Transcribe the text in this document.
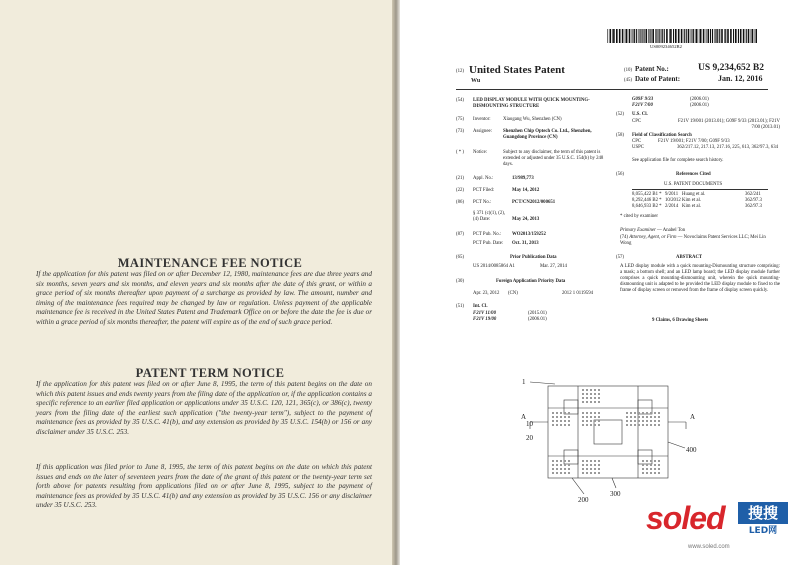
MAINTENANCE FEE NOTICE
If the application for this patent was filed on or after December 12, 1980, maintenance fees are due three years and six months, seven years and six months, and eleven years and six months after the date of this grant, or within a grace period of six months thereafter upon payment of a surcharge as provided by law. The amount, number and timing of the maintenance fees required may be changed by law or regulation. Unless payment of the applicable maintenance fee is received in the United States Patent and Trademark Office on or before the date the fee is due or within a grace period of six months thereafter, the patent will expire as of the end of such grace period.
PATENT TERM NOTICE
If the application for this patent was filed on or after June 8, 1995, the term of this patent begins on the date on which this patent issues and ends twenty years from the filing date of the application or, if the application contains a specific reference to an earlier filed application or applications under 35 U.S.C. 120, 121, 365(c), or 386(c), twenty years from the filing date of the earliest such application ("the twenty-year term"), subject to the payment of maintenance fees as provided by 35 U.S.C. 41(b), and any extension as provided by 35 U.S.C. 154(b) or 156 or any disclaimer under 35 U.S.C. 253.
If this application was filed prior to June 8, 1995, the term of this patent begins on the date on which this patent issues and ends on the later of seventeen years from the date of the grant of this patent or the twenty-year term set forth above for patents resulting from applications filed on or after June 8, 1995, subject to the payment of maintenance fees as provided by 35 U.S.C. 41(b) and any extension as provided by 35 U.S.C. 156 or any disclaimer under 35 U.S.C. 253.
US009234652B2
(12) United States Patent
Wu
(10) Patent No.:	US 9,234,652 B2
(45) Date of Patent:	Jan. 12, 2016
(54) LED DISPLAY MODULE WITH QUICK MOUNTING-DISMOUNTING STRUCTURE
(75) Inventor:	Xiaogang Wu, Shenzhen (CN)
(73) Assignee: Shenzhen Chip Optech Co. Ltd., Shenzhen, Guangdong Province (CN)
( * ) Notice:	Subject to any disclaimer, the term of this patent is extended or adjusted under 35 U.S.C. 154(b) by 248 days.
(21) Appl. No.:	13/989,773
(22) PCT Filed:	May 14, 2012
(86) PCT No.:	PCT/CN2012/000651
§ 371 (c)(1), (2), (4) Date:	May 24, 2013
(87) PCT Pub. No.: WO2013/159252
PCT Pub. Date: Oct. 31, 2013
(65)	Prior Publication Data
US 2014/0085864 A1	Mar. 27, 2014
(30)	Foreign Application Priority Data
Apr. 23, 2012 (CN)	2012 1 0119594
(51) Int. Cl.
F21V 11/00	(2015.01)
F21V 19/00	(2006.01)
G09F 9/33	(2006.01)
F21V 7/00	(2006.01)
(52) U.S. Cl.
CPC	F21V 19/001 (2013.01); G09F 9/33 (2013.01); F21V 7/00 (2013.01)
(58) Field of Classification Search
CPC	F21V 19/001; F21V 7/00; G09F 9/33
USPC	362/217.12, 217.13, 217.16, 225, 613, 362/97.3, 634
See application file for complete search history.
(56)	References Cited
U.S. PATENT DOCUMENTS
8,055,422 B1 * 9/2011 Huang et al.	362/241
8,292,446 B2 * 10/2012 Kim et al.	362/97.3
8,646,933 B2 * 2/2014 Kim et al.	362/97.3
* cited by examiner
Primary Examiner — Anabel Ton
(74) Attorney, Agent, or Firm — Novoclaims Patent Services LLC; Mei Lin Wong
(57)	ABSTRACT
A LED display module with a quick mounting-Dismounting structure comprising: a mask; a bottom shell; and an LED lamp board; the LED display module further comprises a quick mounting-dismounting unit, wherein the quick mounting-dismounting unit is adapted to be provided the LED display module to fixed to the frame of display screen or removed from the frame of display screen quickly.
9 Claims, 6 Drawing Sheets
1
A	A
10
20
400
200
300
soled	搜搜
LED网
www.soled.com
